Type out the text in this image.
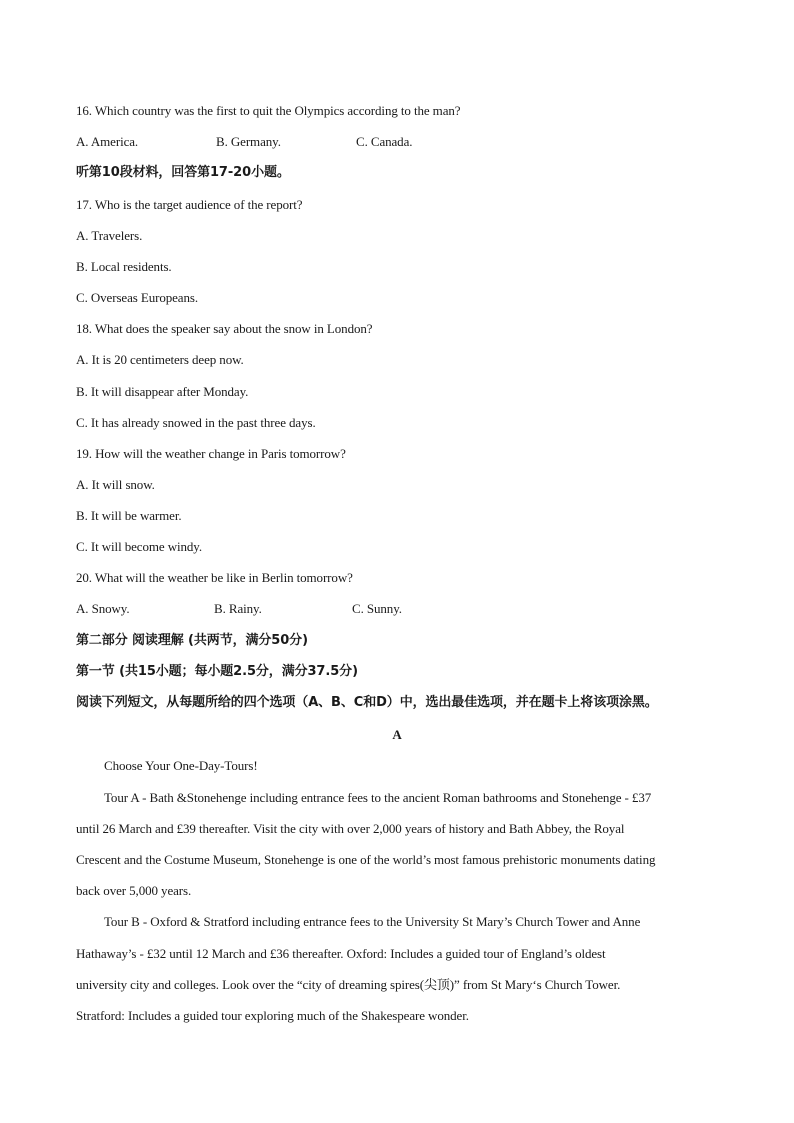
16. Which country was the first to quit the Olympics according to the man?
A. America.	B. Germany.	C. Canada.
听第10段材料，回答第17-20小题。
17. Who is the target audience of the report?
A. Travelers.
B. Local residents.
C. Overseas Europeans.
18. What does the speaker say about the snow in London?
A. It is 20 centimeters deep now.
B. It will disappear after Monday.
C. It has already snowed in the past three days.
19. How will the weather change in Paris tomorrow?
A. It will snow.
B. It will be warmer.
C. It will become windy.
20. What will the weather be like in Berlin tomorrow?
A. Snowy.	B. Rainy.	C. Sunny.
第二部分 阅读理解 (共两节，满分50分)
第一节 (共15小题；每小题2.5分，满分37.5分)
阅读下列短文，从每题所给的四个选项（A、B、C和D）中，选出最佳选项，并在题卡上将该项涂黑。
A
Choose Your One-Day-Tours!
Tour A - Bath &Stonehenge including entrance fees to the ancient Roman bathrooms and Stonehenge - £37
until 26 March and £39 thereafter. Visit the city with over 2,000 years of history and Bath Abbey, the Royal
Crescent and the Costume Museum, Stonehenge is one of the world’s most famous prehistoric monuments dating
back over 5,000 years.
Tour B - Oxford & Stratford including entrance fees to the University St Mary’s Church Tower and Anne
Hathaway’s - £32 until 12 March and £36 thereafter. Oxford: Includes a guided tour of England’s oldest
university city and colleges. Look over the “city of dreaming spires(尖顶)” from St Mary‘s Church Tower.
Stratford: Includes a guided tour exploring much of the Shakespeare wonder.
